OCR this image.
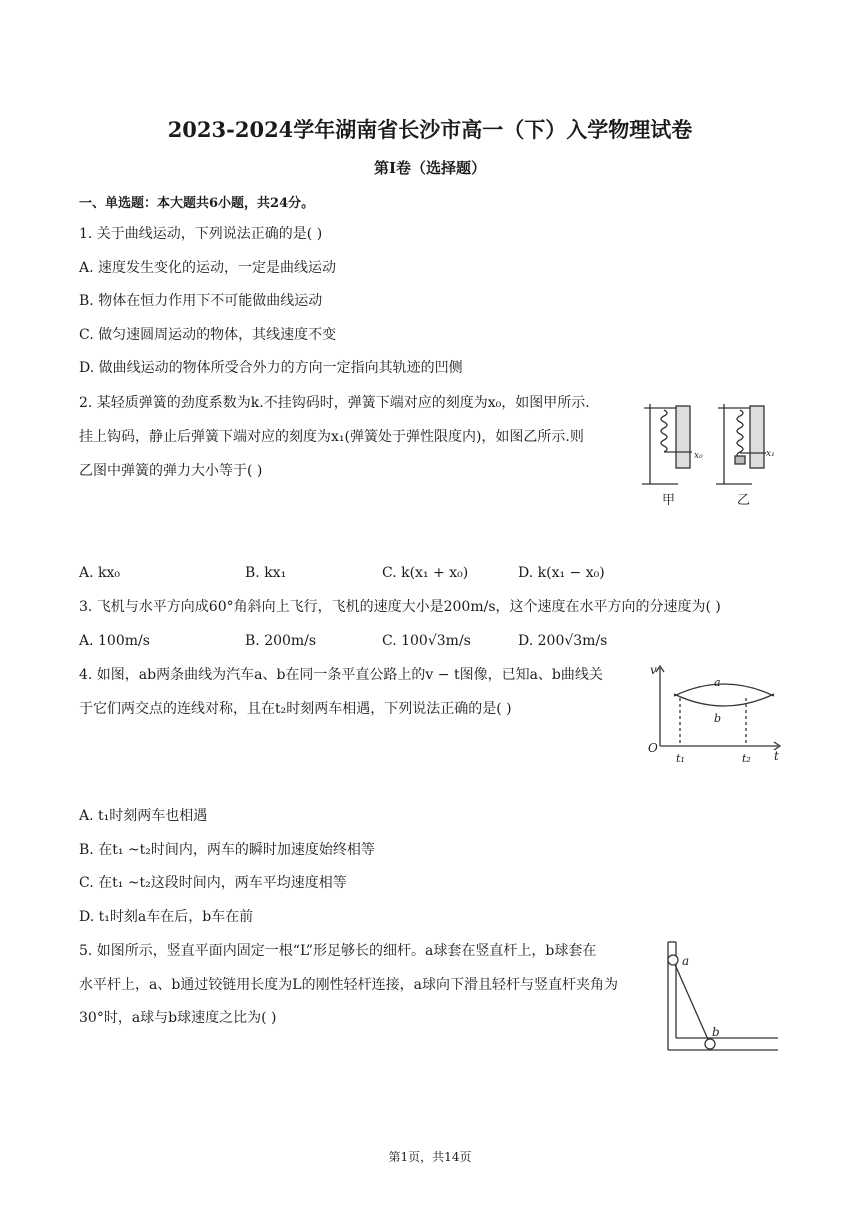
2023-2024学年湖南省长沙市高一（下）入学物理试卷
第Ⅰ卷（选择题）
一、单选题：本大题共6小题，共24分。
1. 关于曲线运动，下列说法正确的是( )
A. 速度发生变化的运动，一定是曲线运动
B. 物体在恒力作用下不可能做曲线运动
C. 做匀速圆周运动的物体，其线速度不变
D. 做曲线运动的物体所受合外力的方向一定指向其轨迹的凹侧
2. 某轻质弹簧的劲度系数为k.不挂钩码时，弹簧下端对应的刻度为x₀，如图甲所示.
挂上钩码，静止后弹簧下端对应的刻度为x₁(弹簧处于弹性限度内)，如图乙所示.则
乙图中弹簧的弹力大小等于( )
x₀	x₁
甲	乙
A. kx₀	B. kx₁	C. k(x₁ + x₀)	D. k(x₁ − x₀)
3. 飞机与水平方向成60°角斜向上飞行，飞机的速度大小是200m/s，这个速度在水平方向的分速度为( )
A. 100m/s	B. 200m/s	C. 100√3m/s	D. 200√3m/s
4. 如图，ab两条曲线为汽车a、b在同一条平直公路上的v − t图像，已知a、b曲线关
于它们两交点的连线对称，且在t₂时刻两车相遇，下列说法正确的是( )
v
t
O
a
b
t₁	t₂
A. t₁时刻两车也相遇
B. 在t₁ ~t₂时间内，两车的瞬时加速度始终相等
C. 在t₁ ~t₂这段时间内，两车平均速度相等
D. t₁时刻a车在后，b车在前
5. 如图所示，竖直平面内固定一根“L”形足够长的细杆。a球套在竖直杆上，b球套在
水平杆上，a、b通过铰链用长度为L的刚性轻杆连接，a球向下滑且轻杆与竖直杆夹角为
30°时，a球与b球速度之比为( )
a
b
第1页，共14页
